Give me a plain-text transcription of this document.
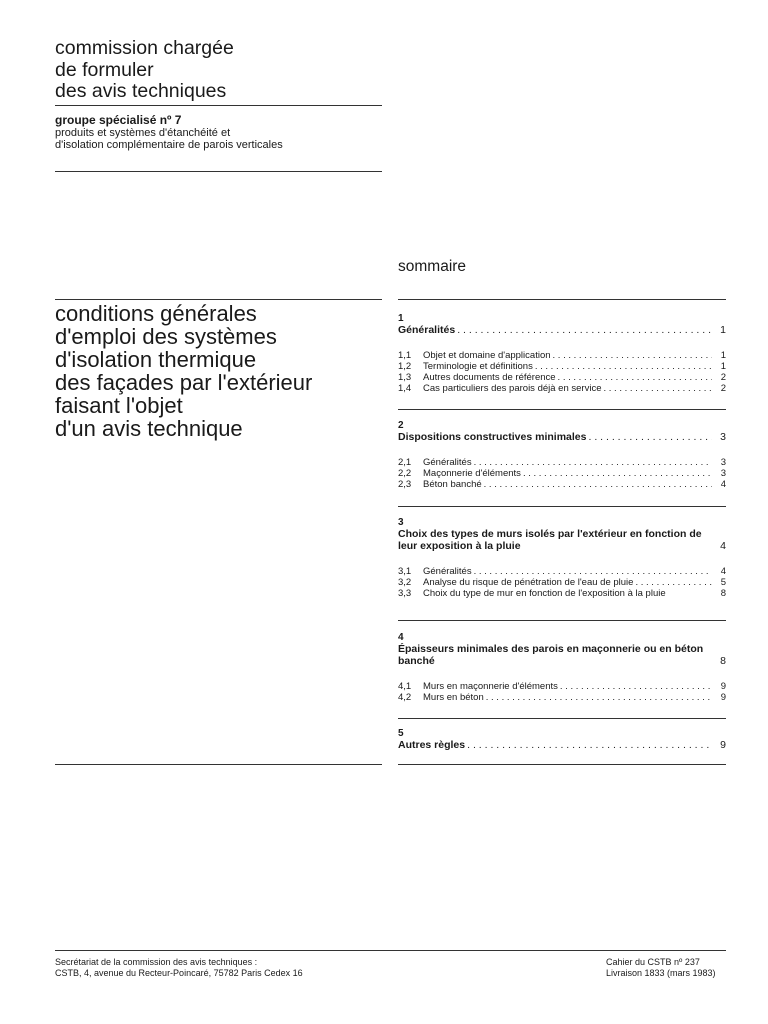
commission chargée
de formuler
des avis techniques
groupe spécialisé nº 7
produits et systèmes d'étanchéité et
d'isolation complémentaire de parois verticales
conditions générales
d'emploi des systèmes
d'isolation thermique
des façades par l'extérieur
faisant l'objet
d'un avis technique
sommaire
1
Généralités . . .	1
1,1	Objet et domaine d'application . . .	1
1,2	Terminologie et définitions . . .	1
1,3	Autres documents de référence . . .	2
1,4	Cas particuliers des parois déjà en service . . .	2
2
Dispositions constructives minimales . . .	3
2,1	Généralités . . .	3
2,2	Maçonnerie d'éléments . . .	3
2,3	Béton banché . . .	4
3
Choix des types de murs isolés par l'extérieur en fonction de leur exposition à la pluie	4
3,1	Généralités . . .	4
3,2	Analyse du risque de pénétration de l'eau de pluie . . .	5
3,3	Choix du type de mur en fonction de l'exposition à la pluie	8
4
Épaisseurs minimales des parois en maçonnerie ou en béton banché	8
4,1	Murs en maçonnerie d'éléments . . .	9
4,2	Murs en béton . . .	9
5
Autres règles . . .	9
Secrétariat de la commission des avis techniques :
CSTB, 4, avenue du Recteur-Poincaré, 75782 Paris Cedex 16
Cahier du CSTB nº 237
Livraison 1833 (mars 1983)
